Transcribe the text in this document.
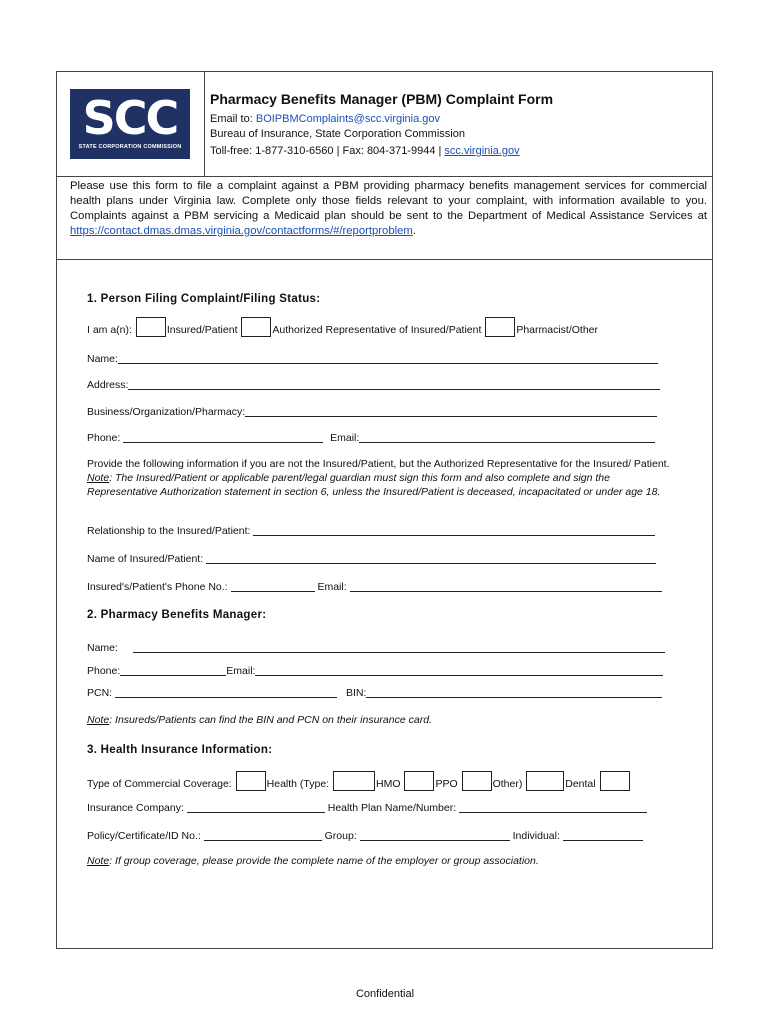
SCC
STATE CORPORATION COMMISSION
Pharmacy Benefits Manager (PBM) Complaint Form
Email to: BOIPBMComplaints@scc.virginia.gov
Bureau of Insurance, State Corporation Commission
Toll-free: 1-877-310-6560 | Fax: 804-371-9944 | scc.virginia.gov
Please use this form to file a complaint against a PBM providing pharmacy benefits management services for commercial health plans under Virginia law. Complete only those fields relevant to your complaint, with information available to you. Complaints against a PBM servicing a Medicaid plan should be sent to the Department of Medical Assistance Services at https://contact.dmas.dmas.virginia.gov/contactforms/#/reportproblem.
1. Person Filing Complaint/Filing Status:
I am a(n):	Insured/Patient	Authorized Representative of Insured/Patient	Pharmacist/Other
Name:
Address:
Business/Organization/Pharmacy:
Phone:	Email:
Provide the following information if you are not the Insured/Patient, but the Authorized Representative for the Insured/ Patient. Note: The Insured/Patient or applicable parent/legal guardian must sign this form and also complete and sign the Representative Authorization statement in section 6, unless the Insured/Patient is deceased, incapacitated or under age 18.
Relationship to the Insured/Patient:
Name of Insured/Patient:
Insured's/Patient's Phone No.:	Email:
2. Pharmacy Benefits Manager:
Name:
Phone:	Email:
PCN:	BIN:
Note: Insureds/Patients can find the BIN and PCN on their insurance card.
3. Health Insurance Information:
Type of Commercial Coverage:	Health (Type:	HMO	PPO	Other)	Dental
Insurance Company:	Health Plan Name/Number:
Policy/Certificate/ID No.:	Group:	Individual:
Note: If group coverage, please provide the complete name of the employer or group association.
Confidential
